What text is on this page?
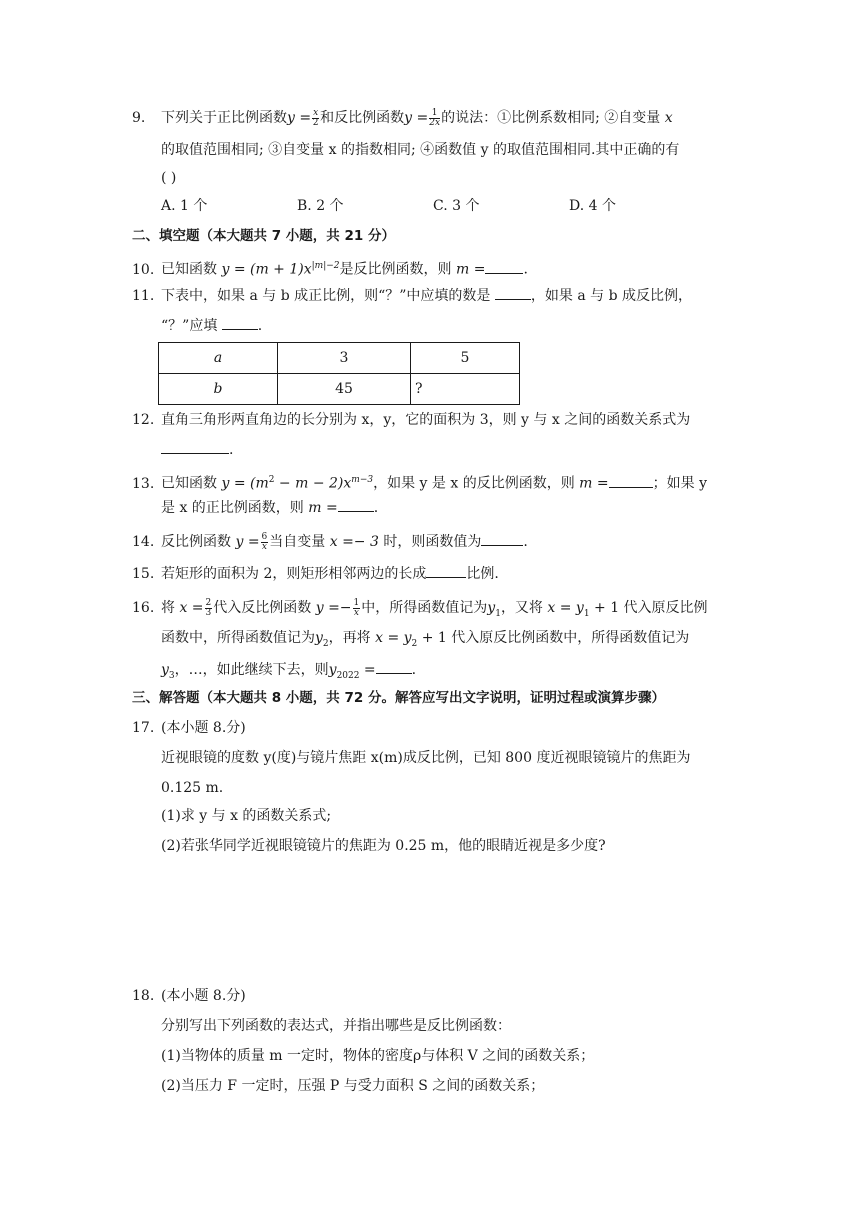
9. 下列关于正比例函数$y = \frac{x}{2}$ 和反比例函数$y = \frac{1}{2x}$ 的说法：①比例系数相同; ②自变量 x
的取值范围相同; ③自变量 x 的指数相同; ④函数值 y 的取值范围相同.其中正确的有
( )
A. 1 个	B. 2 个	C. 3 个	D. 4 个
二、填空题（本大题共 7 小题，共 21 分）
10. 已知函数 $y = (m + 1)x^{|m|-2}$是反比例函数，则 m =	.
11. 下表中，如果 a 与 b 成正比例，则“？”中应填的数是	，如果 a 与 b 成反比例，
“？”应填	.
a	3	5
b	45	?
12. 直角三角形两直角边的长分别为 x，y，它的面积为 3，则 y 与 x 之间的函数关系式为
.
13. 已知函数 $y = (m^2 - m - 2)x^{m-3}$，如果 y 是 x 的反比例函数，则 m =	；如果 y
是 x 的正比例函数，则 m =	.
14. 反比例函数 $y = \frac{6}{x}$ 当自变量 x =− 3 时，则函数值为	.
15. 若矩形的面积为 2，则矩形相邻两边的长成	比例.
16. 将 $x = \frac{2}{3}$ 代入反比例函数 $y =- \frac{1}{x}$ 中，所得函数值记为$y_1$，又将 $x = y_1 + 1$ 代入原反比例
函数中，所得函数值记为$y_2$，再将 $x = y_2 + 1$ 代入原反比例函数中，所得函数值记为
$y_3$，…，如此继续下去，则$y_{2022}$ =	.
三、解答题（本大题共 8 小题，共 72 分。解答应写出文字说明，证明过程或演算步骤）
17. (本小题 8.分)
近视眼镜的度数 y(度)与镜片焦距 x(m)成反比例，已知 800 度近视眼镜镜片的焦距为
0.125 m.
(1)求 y 与 x 的函数关系式;
(2)若张华同学近视眼镜镜片的焦距为 0.25 m，他的眼睛近视是多少度?
18. (本小题 8.分)
分别写出下列函数的表达式，并指出哪些是反比例函数：
(1)当物体的质量 m 一定时，物体的密度ρ与体积 V 之间的函数关系；
(2)当压力 F 一定时，压强 P 与受力面积 S 之间的函数关系；
